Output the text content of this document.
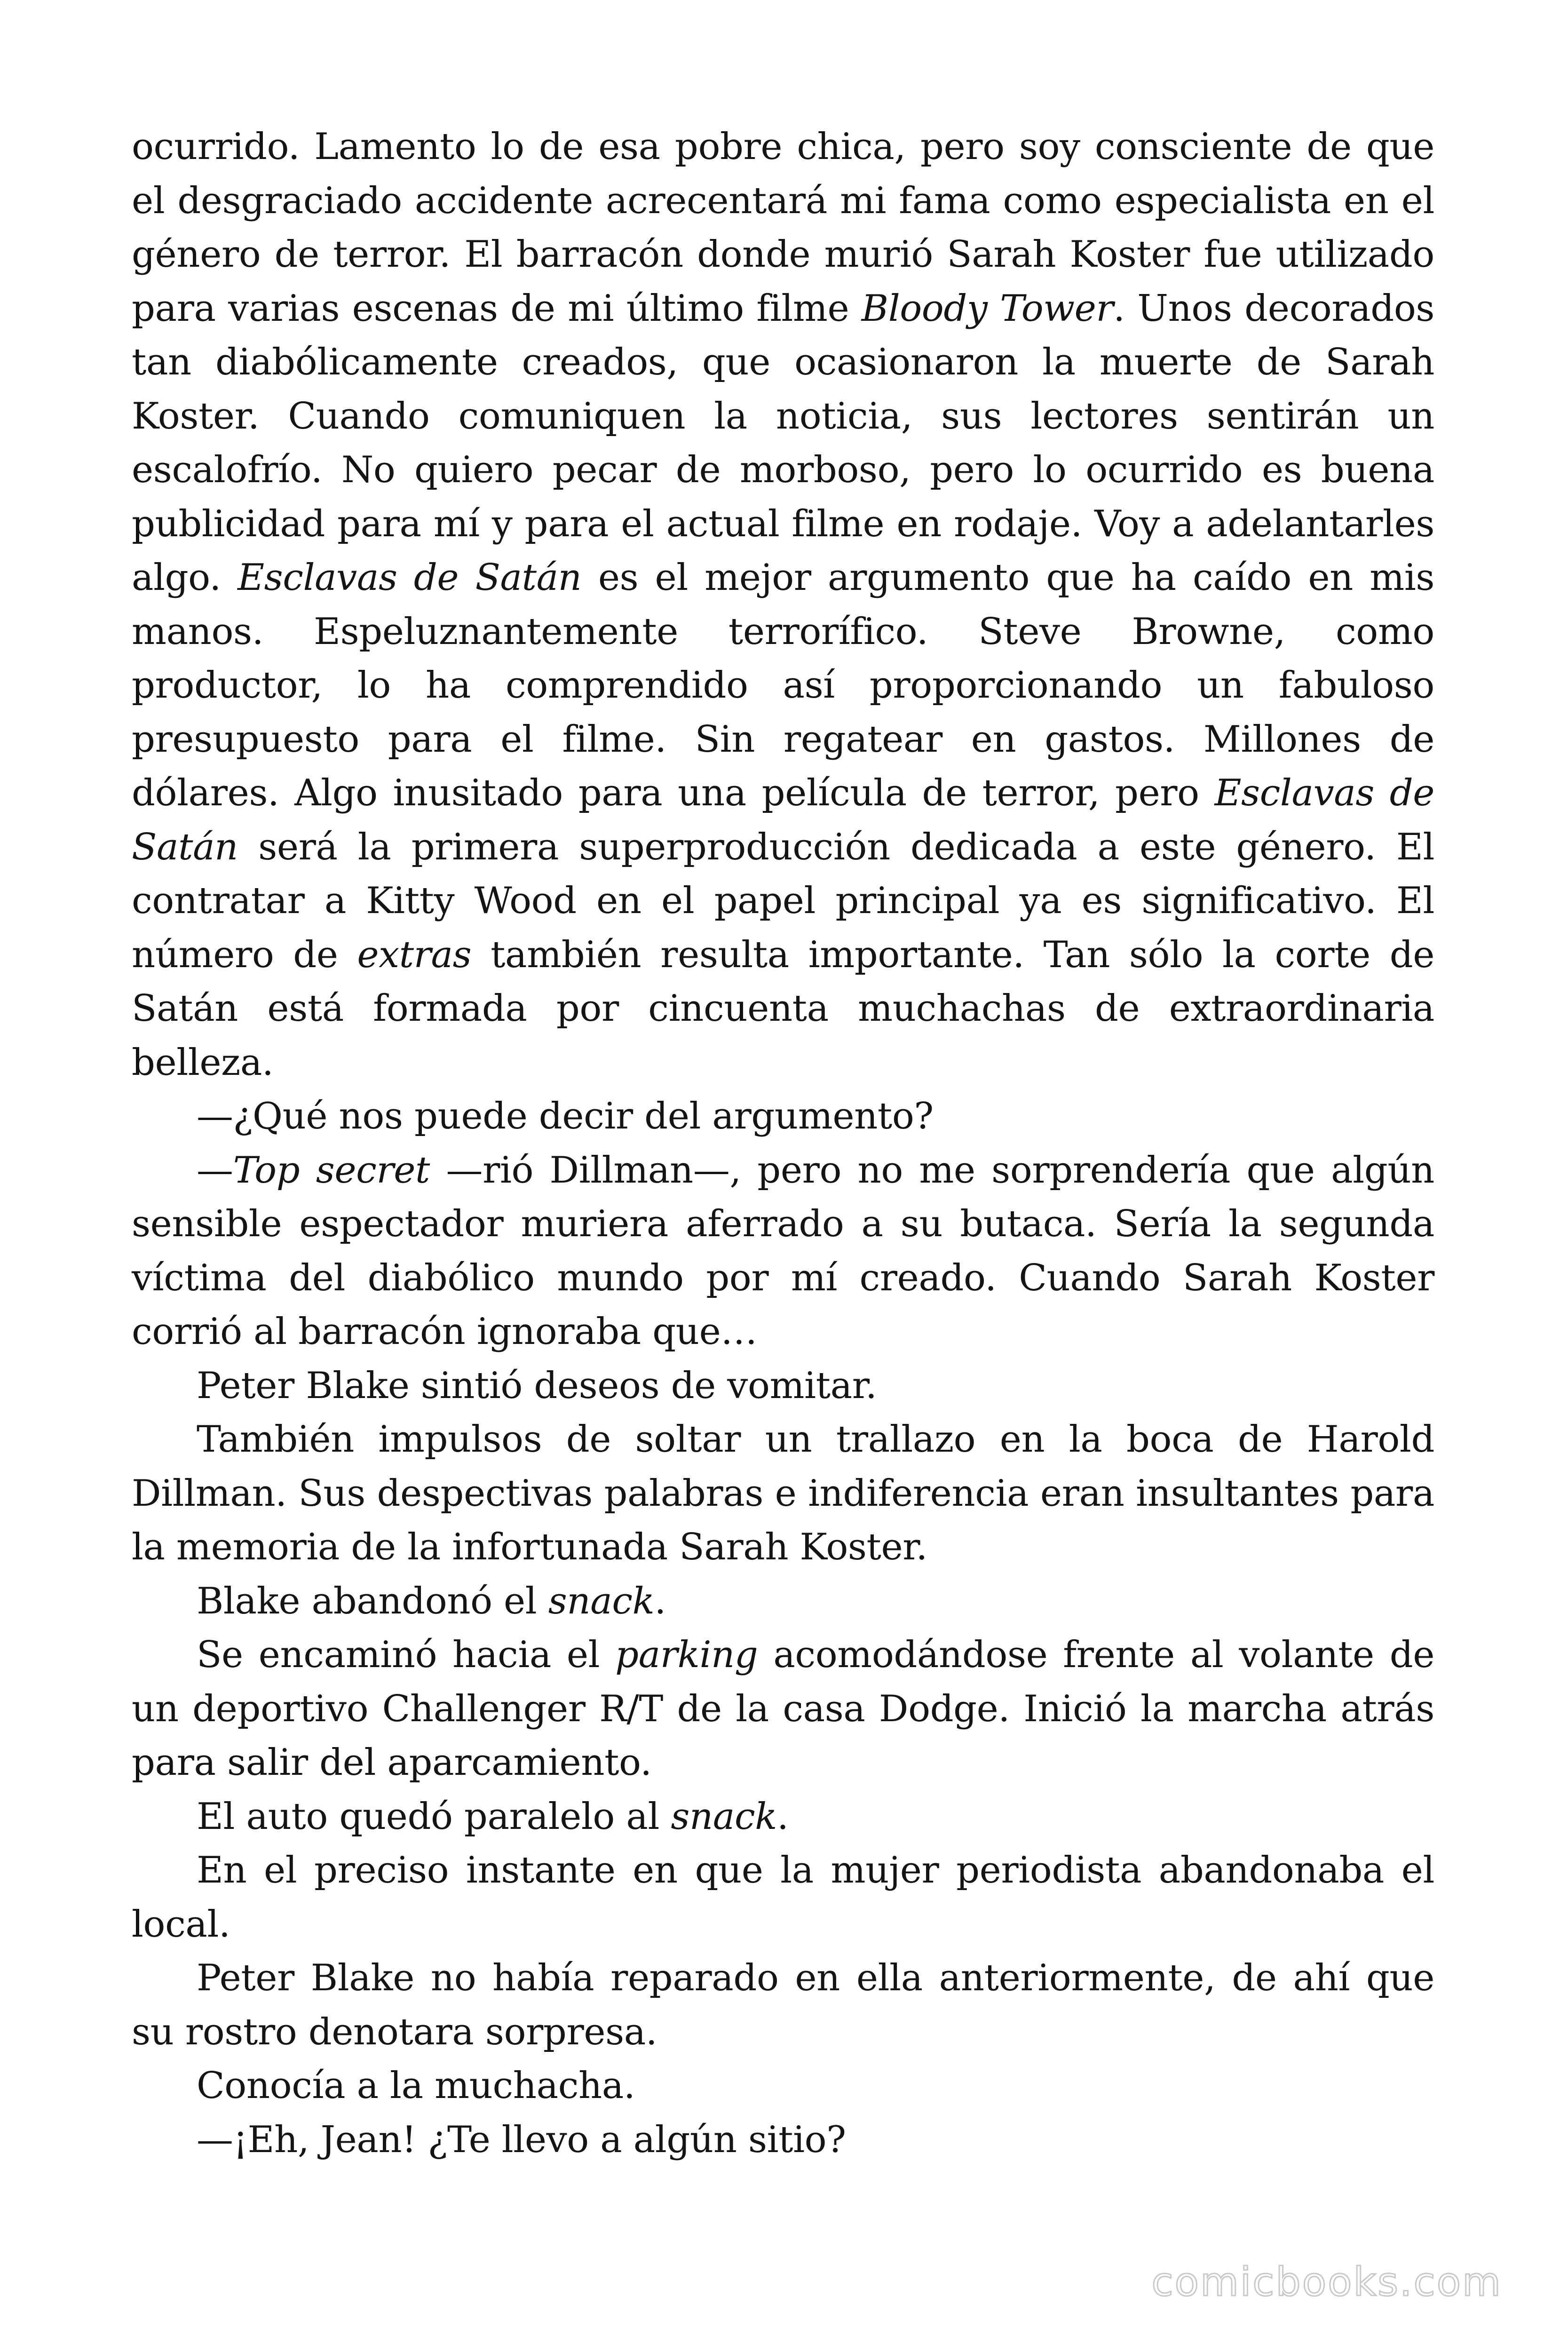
ocurrido. Lamento lo de esa pobre chica, pero soy consciente de que el desgraciado accidente acrecentará mi fama como especialista en el género de terror. El barracón donde murió Sarah Koster fue utilizado para varias escenas de mi último filme Bloody Tower. Unos decorados tan diabólicamente creados, que ocasionaron la muerte de Sarah Koster. Cuando comuniquen la noticia, sus lectores sentirán un escalofrío. No quiero pecar de morboso, pero lo ocurrido es buena publicidad para mí y para el actual filme en rodaje. Voy a adelantarles algo. Esclavas de Satán es el mejor argumento que ha caído en mis manos. Espeluznantemente terrorífico. Steve Browne, como productor, lo ha comprendido así proporcionando un fabuloso presupuesto para el filme. Sin regatear en gastos. Millones de dólares. Algo inusitado para una película de terror, pero Esclavas de Satán será la primera superproducción dedicada a este género. El contratar a Kitty Wood en el papel principal ya es significativo. El número de extras también resulta importante. Tan sólo la corte de Satán está formada por cincuenta muchachas de extraordinaria belleza.

—¿Qué nos puede decir del argumento?

—Top secret —rió Dillman—, pero no me sorprendería que algún sensible espectador muriera aferrado a su butaca. Sería la segunda víctima del diabólico mundo por mí creado. Cuando Sarah Koster corrió al barracón ignoraba que…

Peter Blake sintió deseos de vomitar.

También impulsos de soltar un trallazo en la boca de Harold Dillman. Sus despectivas palabras e indiferencia eran insultantes para la memoria de la infortunada Sarah Koster.

Blake abandonó el snack.

Se encaminó hacia el parking acomodándose frente al volante de un deportivo Challenger R/T de la casa Dodge. Inició la marcha atrás para salir del aparcamiento.

El auto quedó paralelo al snack.

En el preciso instante en que la mujer periodista abandonaba el local.

Peter Blake no había reparado en ella anteriormente, de ahí que su rostro denotara sorpresa.

Conocía a la muchacha.

—¡Eh, Jean! ¿Te llevo a algún sitio?

comicbooks.com
